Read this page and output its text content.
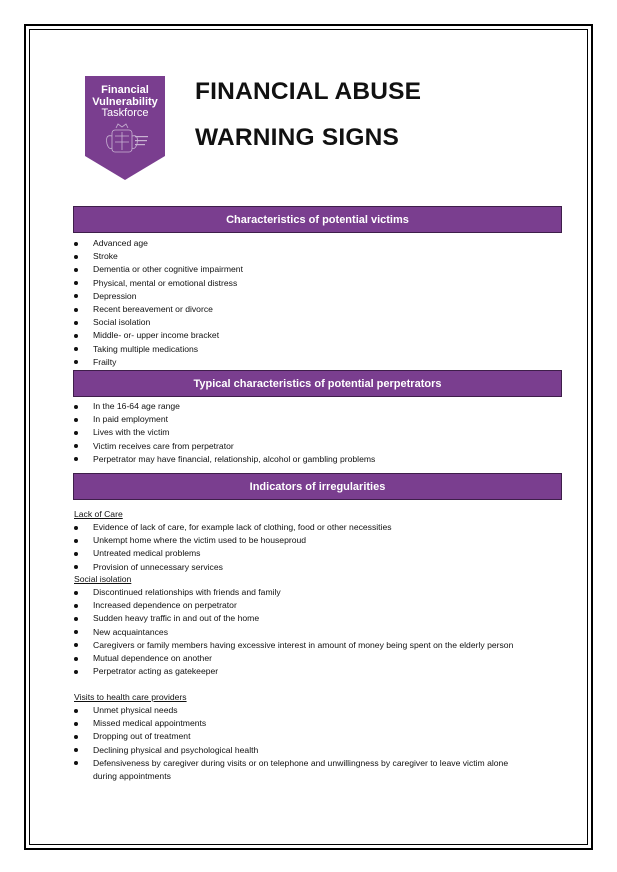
Financial
Vulnerability
Taskforce
FINANCIAL ABUSE
WARNING SIGNS
Characteristics of potential victims
Advanced age
Stroke
Dementia or other cognitive impairment
Physical, mental or emotional distress
Depression
Recent bereavement or divorce
Social isolation
Middle- or- upper income bracket
Taking multiple medications
Frailty
Typical characteristics of potential perpetrators
In the 16-64 age range
In paid employment
Lives with the victim
Victim receives care from perpetrator
Perpetrator may have financial, relationship, alcohol or gambling problems
Indicators of irregularities
Lack of Care
Evidence of lack of care, for example lack of clothing, food or other necessities
Unkempt home where the victim used to be houseproud
Untreated medical problems
Provision of unnecessary services
Social isolation
Discontinued relationships with friends and family
Increased dependence on perpetrator
Sudden heavy traffic in and out of the home
New acquaintances
Caregivers or family members having excessive interest in amount of money being spent on the elderly person
Mutual dependence on another
Perpetrator acting as gatekeeper
Visits to health care providers
Unmet physical needs
Missed medical appointments
Dropping out of treatment
Declining physical and psychological health
Defensiveness by caregiver during visits or on telephone and unwillingness by caregiver to leave victim alone during appointments
